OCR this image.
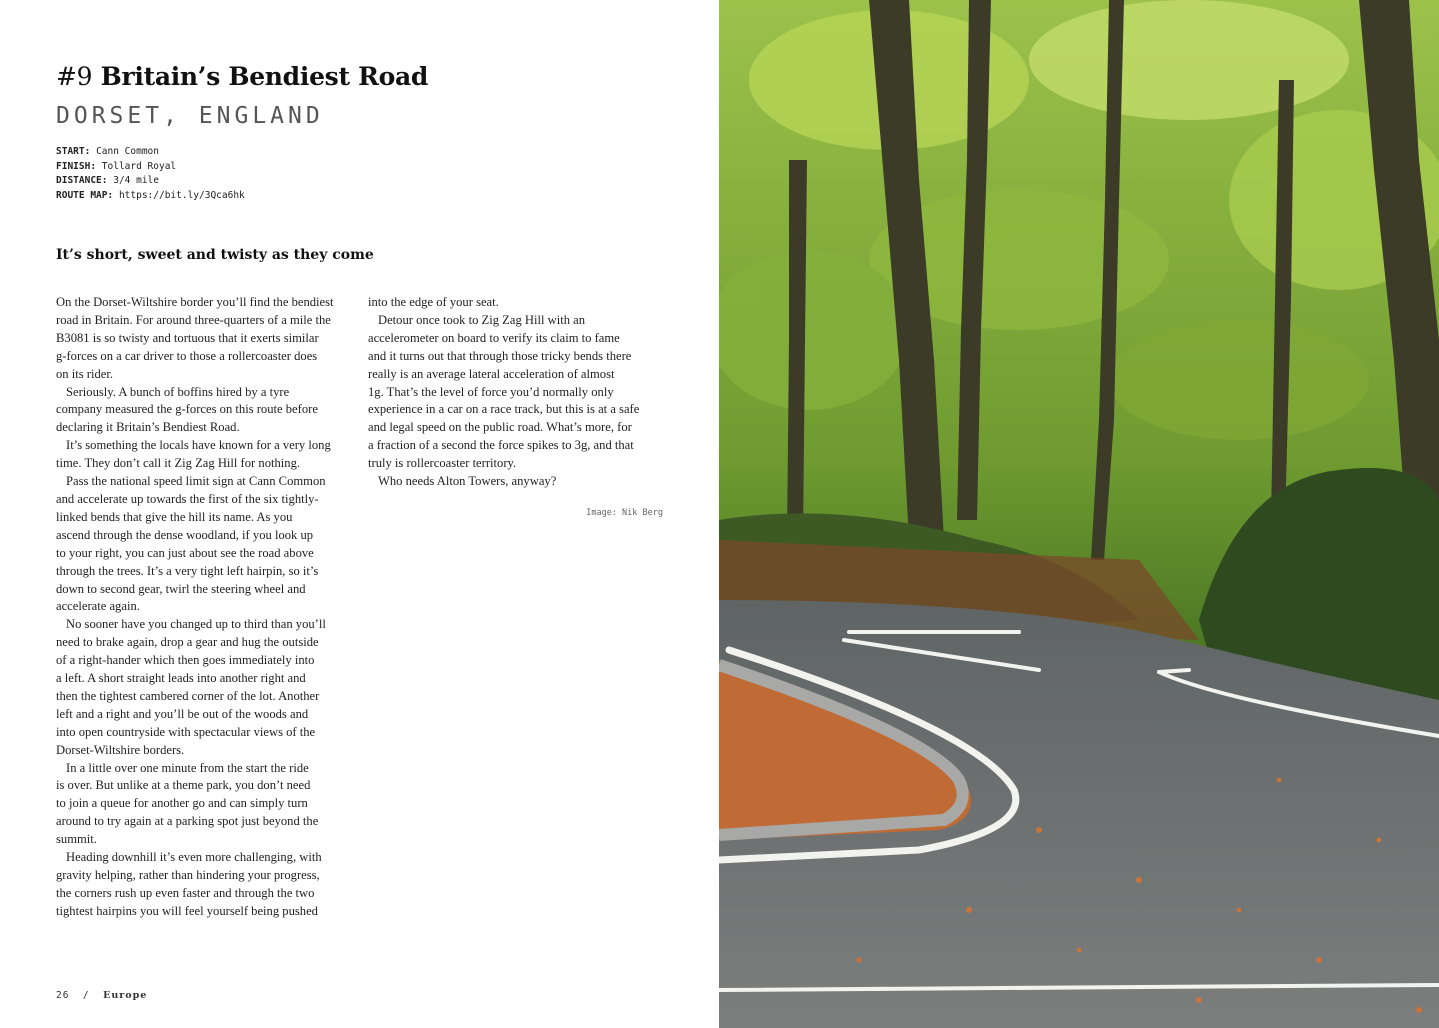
#9 Britain’s Bendiest Road
DORSET, ENGLAND
START: Cann Common
FINISH: Tollard Royal
DISTANCE: 3/4 mile
ROUTE MAP: https://bit.ly/3Qca6hk
It’s short, sweet and twisty as they come

On the Dorset-Wiltshire border you’ll find the bendiest
road in Britain. For around three-quarters of a mile the
B3081 is so twisty and tortuous that it exerts similar
g-forces on a car driver to those a rollercoaster does
on its rider.

Seriously. A bunch of boffins hired by a tyre
company measured the g-forces on this route before
declaring it Britain’s Bendiest Road.

It’s something the locals have known for a very long
time. They don’t call it Zig Zag Hill for nothing.

Pass the national speed limit sign at Cann Common
and accelerate up towards the first of the six tightly-
linked bends that give the hill its name. As you
ascend through the dense woodland, if you look up
to your right, you can just about see the road above
through the trees. It’s a very tight left hairpin, so it’s
down to second gear, twirl the steering wheel and
accelerate again.

No sooner have you changed up to third than you’ll
need to brake again, drop a gear and hug the outside
of a right-hander which then goes immediately into
a left. A short straight leads into another right and
then the tightest cambered corner of the lot. Another
left and a right and you’ll be out of the woods and
into open countryside with spectacular views of the
Dorset-Wiltshire borders.

In a little over one minute from the start the ride
is over. But unlike at a theme park, you don’t need
to join a queue for another go and can simply turn
around to try again at a parking spot just beyond the
summit.

Heading downhill it’s even more challenging, with
gravity helping, rather than hindering your progress,
the corners rush up even faster and through the two
tightest hairpins you will feel yourself being pushed

into the edge of your seat.

Detour once took to Zig Zag Hill with an
accelerometer on board to verify its claim to fame
and it turns out that through those tricky bends there
really is an average lateral acceleration of almost
1g. That’s the level of force you’d normally only
experience in a car on a race track, but this is at a safe
and legal speed on the public road. What’s more, for
a fraction of a second the force spikes to 3g, and that
truly is rollercoaster territory.

Who needs Alton Towers, anyway?

Image: Nik Berg
26 / Europe
